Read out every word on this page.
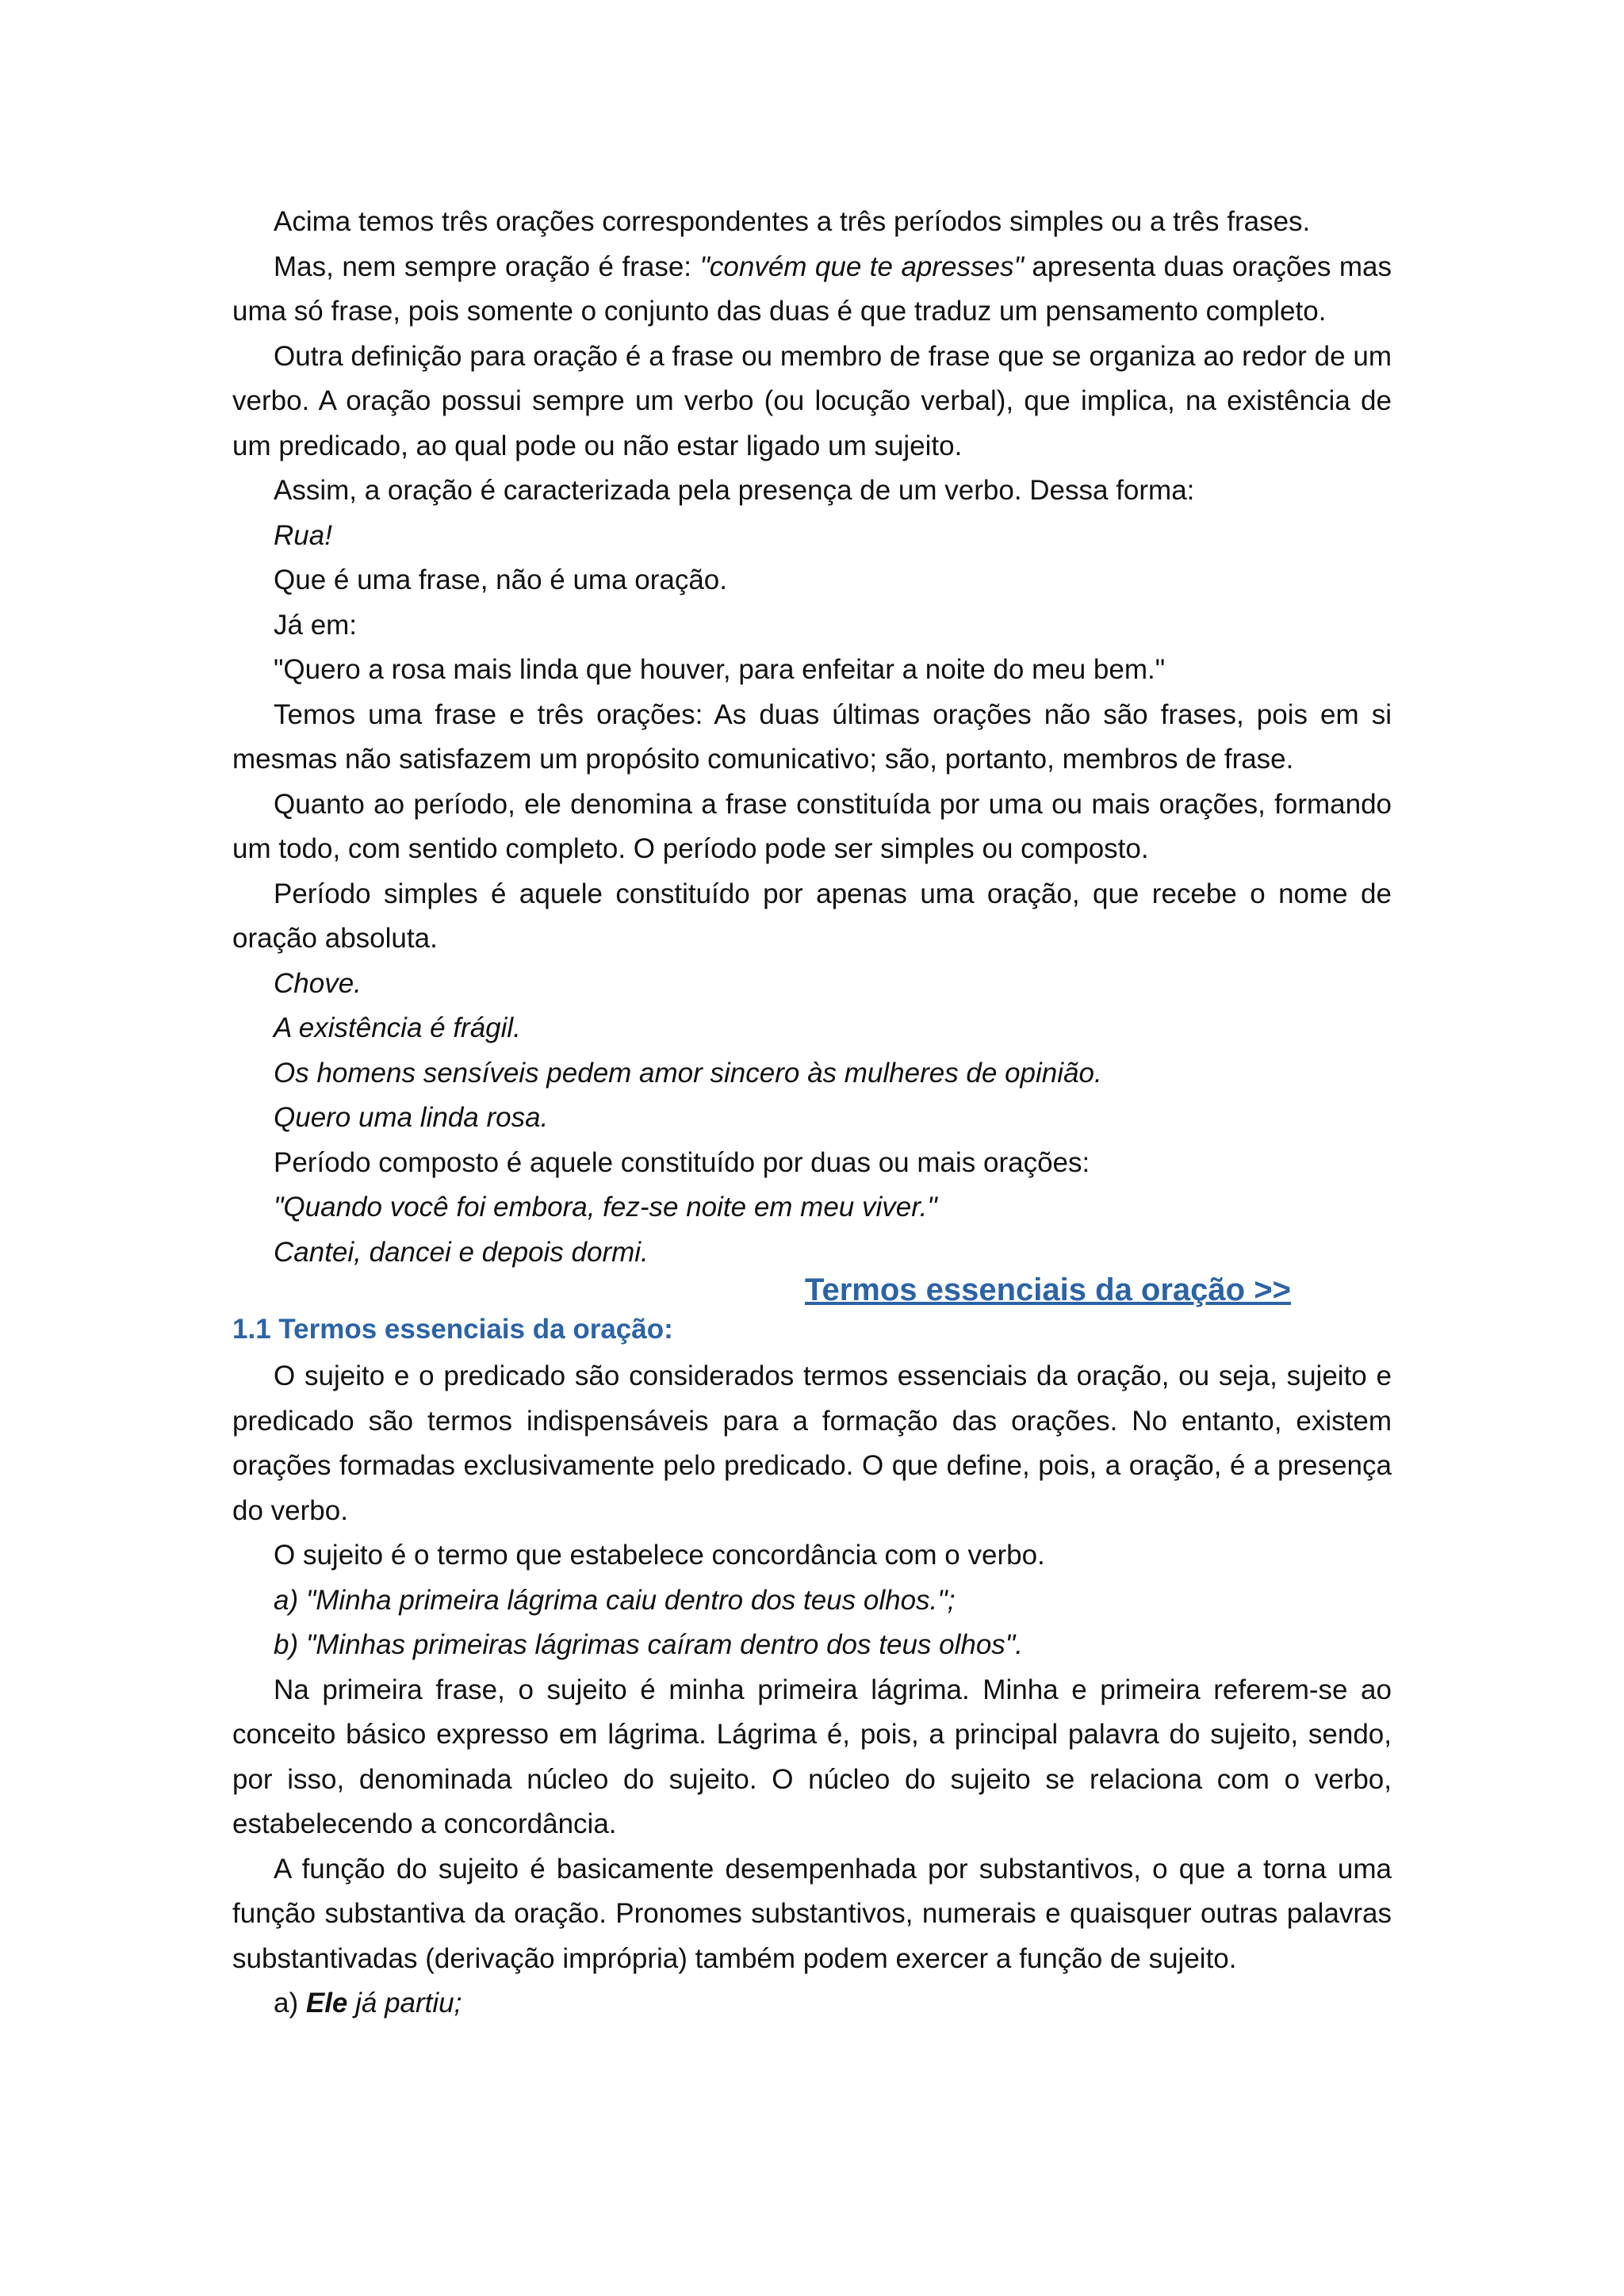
Acima temos três orações correspondentes a três períodos simples ou a três frases.

Mas, nem sempre oração é frase: "convém que te apresses" apresenta duas orações mas uma só frase, pois somente o conjunto das duas é que traduz um pensamento completo.

Outra definição para oração é a frase ou membro de frase que se organiza ao redor de um verbo. A oração possui sempre um verbo (ou locução verbal), que implica, na existência de um predicado, ao qual pode ou não estar ligado um sujeito.

Assim, a oração é caracterizada pela presença de um verbo. Dessa forma:

Rua!

Que é uma frase, não é uma oração.

Já em:

"Quero a rosa mais linda que houver, para enfeitar a noite do meu bem."

Temos uma frase e três orações: As duas últimas orações não são frases, pois em si mesmas não satisfazem um propósito comunicativo; são, portanto, membros de frase.

Quanto ao período, ele denomina a frase constituída por uma ou mais orações, formando um todo, com sentido completo. O período pode ser simples ou composto.

Período simples é aquele constituído por apenas uma oração, que recebe o nome de oração absoluta.

Chove.

A existência é frágil.

Os homens sensíveis pedem amor sincero às mulheres de opinião.

Quero uma linda rosa.

Período composto é aquele constituído por duas ou mais orações:

"Quando você foi embora, fez-se noite em meu viver."

Cantei, dancei e depois dormi.

Termos essenciais da oração >>
1.1 Termos essenciais da oração:

O sujeito e o predicado são considerados termos essenciais da oração, ou seja, sujeito e predicado são termos indispensáveis para a formação das orações. No entanto, existem orações formadas exclusivamente pelo predicado. O que define, pois, a oração, é a presença do verbo.

O sujeito é o termo que estabelece concordância com o verbo.

a) "Minha primeira lágrima caiu dentro dos teus olhos.";

b) "Minhas primeiras lágrimas caíram dentro dos teus olhos".

Na primeira frase, o sujeito é minha primeira lágrima. Minha e primeira referem-se ao conceito básico expresso em lágrima. Lágrima é, pois, a principal palavra do sujeito, sendo, por isso, denominada núcleo do sujeito. O núcleo do sujeito se relaciona com o verbo, estabelecendo a concordância.

A função do sujeito é basicamente desempenhada por substantivos, o que a torna uma função substantiva da oração. Pronomes substantivos, numerais e quaisquer outras palavras substantivadas (derivação imprópria) também podem exercer a função de sujeito.

a) Ele já partiu;
